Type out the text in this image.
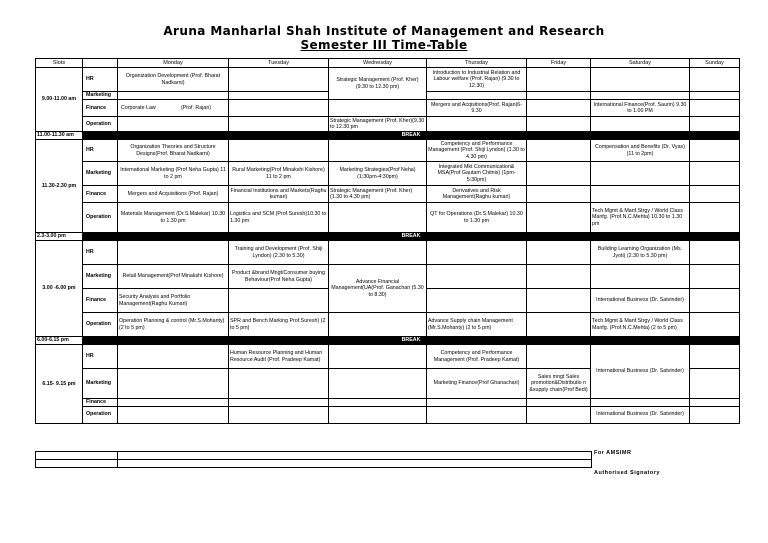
Aruna Manharlal Shah Institute of Management and Research
Semester III Time-Table
Slots		Monday	Tuesday	Wednesday	Thursday	Friday	Saturday	Sunday
9.00-11.00 am	HR	Organization Development (Prof. Bharat Nadkarni)		Strategic Management (Prof. Kher) (9.30 to 12.30 pm)	Introduction to Industrial Relation and Labour welfare (Prof. Rajan) (9.30 to 12.30)			
	Marketing							
	Finance	Corporate Law (Prof. Rajan)			Mergers and Acqisitions(Prof. Rajan)6-9.30		International Finance(Prof. Saurin) 9.30 to 1.00 PM	
	Operation			Strategic Management (Prof. Kher)(9.30 to 12.30 pm				
11.00-11.30 am	BREAK							
11.30-2.30 pm	HR	Organization Theories and Structure Designs(Prof. Bharat Nadkarni)			Competency and Performance Management (Prof. Shiji Lyndon) (1.30 to 4.30 pm)		Compensation and Benefits (Dr. Vyas) (11 to 2pm)	
	Marketing	International Marketing (Prof Neha Gupta) 11 to 2 pm	Rural Marketing(Prof Minakshi Kishore) 11 to 2 pm	Marketing Strategies(Prof Neha) (1:30pm-4:30pm)	Integrated Mkt Communication& MSA(Prof Gautam Chitnis) (1pm-5:30pm)			
	Finance	Mergers and Acquisitions (Prof. Rajan)	Financial Institutions and Markets(Raghu kumari)	Strategic Management (Prof. Kher) (1.30 to 4.30 pm)	Derivatives and Risk Management(Raghu kumari)			
	Operation	Materials Management (Dr.S.Malekar) 10.30 to 1.30 pm	Logistics and SCM (Prof.Suresh)10.30 to 1.30 pm		QT for Operations (Dr.S.Malekar) 10.30 to 1.30 pm		Tech.Mgmt & Manf.Strgy / World Class Manfg. (Prof.N.C.Mehta) 10.30 to 1.30 pm	
2.3-3.00 pm	BREAK							
3.00 -6.00 pm	HR		Training and Development (Prof. Shiji Lyndon) (2.30 to 5.30)				Building Learning Organization (Ms. Jyoti) (2.30 to 5.30 pm)	
	Marketing	Retail Management(Prof Minakshi Kishore)	Product &brand Mngt/Consumer buying Behaviour(Prof Neha Gupta)	Advance Financial Management(UA(Prof. Ganachari (5.30 to 8.30)				
	Finance	Security Analysis and Portfolio Management(Raghu Kumari)					International Business (Dr. Satvinder)	
	Operation	Operation Planning & control (Mr.S.Mohanty) (2 to 5 pm)	SPR and Bench Marking Prof.Suresh) (2 to 5 pm)		Advance Supply chain Management (Mr.S.Mohanty) (2 to 5 pm)		Tech.Mgmt & Manf.Strgy / World Class Manfg. (Prof.N.C.Mehta) (2 to 5 pm)	
6.00-6.15 pm	BREAK							
6.15- 9.15 pm	HR		Human Resource Planning and Human Resource Audit (Prof. Pradeep Kamat)		Competency and Performance Management (Prof. Pradeep Kamat)		International Business (Dr. Satvinder)	
	Marketing				Marketing Finance(Prof Ghanachari)	Sales mngt Sales promotion&Distributio n &supply chain(Prof Bedi)		
	Finance							
	Operation						International Business (Dr. Satvinder)	

For AMSIMR
Authorised Signatory
